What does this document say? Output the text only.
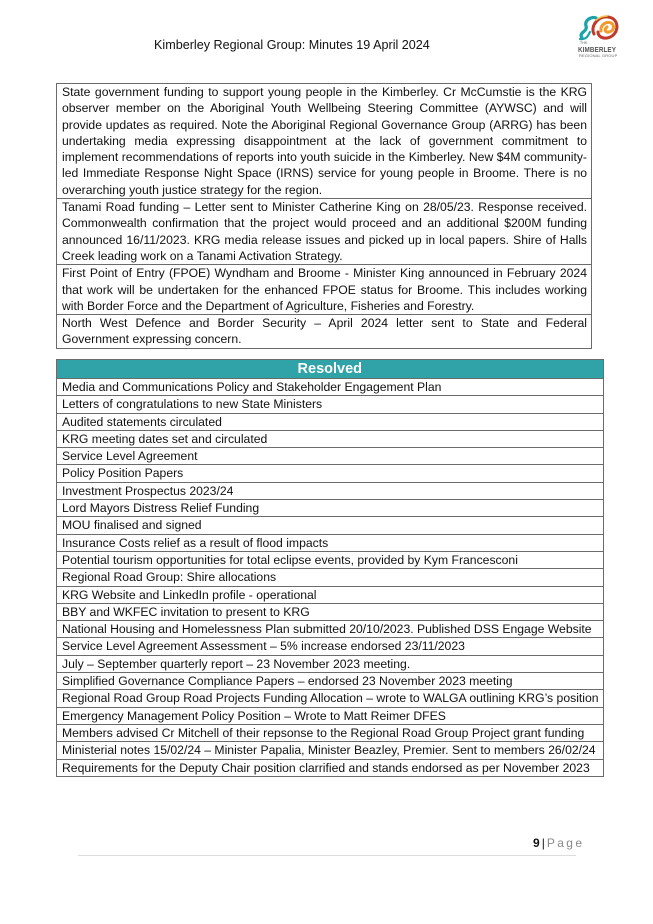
Kimberley Regional Group: Minutes 19 April 2024	THE
KIMBERLEY
REGIONAL GROUP
State government funding to support young people in the Kimberley. Cr McCumstie is the KRG observer member on the Aboriginal Youth Wellbeing Steering Committee (AYWSC) and will provide updates as required. Note the Aboriginal Regional Governance Group (ARRG) has been undertaking media expressing disappointment at the lack of government commitment to implement recommendations of reports into youth suicide in the Kimberley. New $4M community-led Immediate Response Night Space (IRNS) service for young people in Broome. There is no overarching youth justice strategy for the region.
Tanami Road funding – Letter sent to Minister Catherine King on 28/05/23. Response received. Commonwealth confirmation that the project would proceed and an additional $200M funding announced 16/11/2023. KRG media release issues and picked up in local papers. Shire of Halls Creek leading work on a Tanami Activation Strategy.
First Point of Entry (FPOE) Wyndham and Broome - Minister King announced in February 2024 that work will be undertaken for the enhanced FPOE status for Broome. This includes working with Border Force and the Department of Agriculture, Fisheries and Forestry.
North West Defence and Border Security – April 2024 letter sent to State and Federal Government expressing concern.
Resolved
Media and Communications Policy and Stakeholder Engagement Plan
Letters of congratulations to new State Ministers
Audited statements circulated
KRG meeting dates set and circulated
Service Level Agreement
Policy Position Papers
Investment Prospectus 2023/24
Lord Mayors Distress Relief Funding
MOU finalised and signed
Insurance Costs relief as a result of flood impacts
Potential tourism opportunities for total eclipse events, provided by Kym Francesconi
Regional Road Group: Shire allocations
KRG Website and LinkedIn profile - operational
BBY and WKFEC invitation to present to KRG
National Housing and Homelessness Plan submitted 20/10/2023. Published DSS Engage Website
Service Level Agreement Assessment – 5% increase endorsed 23/11/2023
July – September quarterly report – 23 November 2023 meeting.
Simplified Governance Compliance Papers – endorsed 23 November 2023 meeting
Regional Road Group Road Projects Funding Allocation – wrote to WALGA outlining KRG’s position
Emergency Management Policy Position – Wrote to Matt Reimer DFES
Members advised Cr Mitchell of their repsonse to the Regional Road Group Project grant funding
Ministerial notes 15/02/24 – Minister Papalia, Minister Beazley, Premier. Sent to members 26/02/24
Requirements for the Deputy Chair position clarrified and stands endorsed as per November 2023
9 | Page
